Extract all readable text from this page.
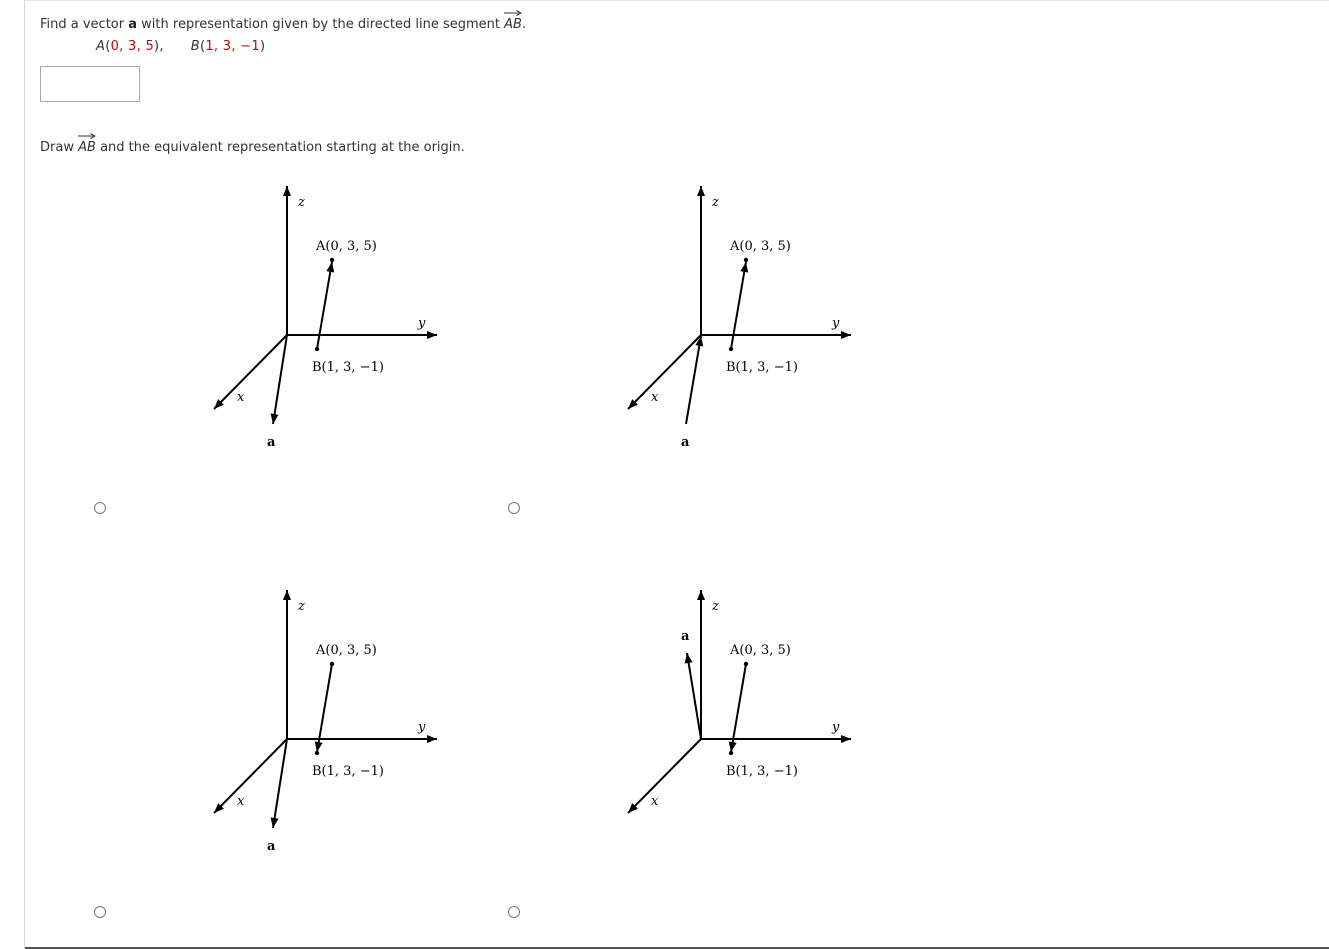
Find a vector a with representation given by the directed line segment AB.
A(0, 3, 5),  B(1, 3, −1)
Draw AB and the equivalent representation starting at the origin.
z
y
x
A(0, 3, 5)
B(1, 3, −1)
a
z
y
x
A(0, 3, 5)
B(1, 3, −1)
a
z
y
x
A(0, 3, 5)
B(1, 3, −1)
a
z
y
x
A(0, 3, 5)
B(1, 3, −1)
a
